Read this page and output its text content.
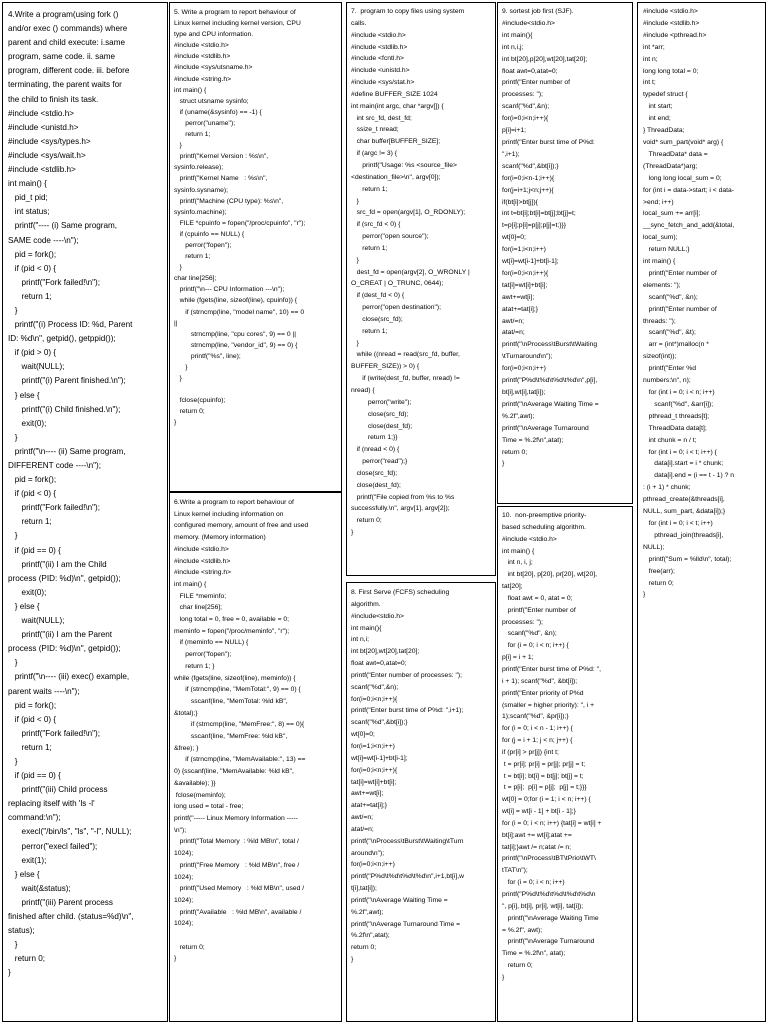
4.Write a program(using fork ()
and/or exec () commands) where
parent and child execute: i.same
program, same code. ii. same
program, different code. iii. before
terminating, the parent waits for
the child to finish its task.
#include <stdio.h>
#include <unistd.h>
#include <sys/types.h>
#include <sys/wait.h>
#include <stdlib.h>
int main() {
pid_t pid;
int status;
printf("---- (i) Same program,
SAME code ----\n");
pid = fork();
if (pid < 0) {
printf("Fork failed!\n");
return 1;
}
printf("(i) Process ID: %d, Parent
ID: %d\n", getpid(), getppid());
if (pid > 0) {
wait(NULL);
printf("(i) Parent finished.\n");
} else {
printf("(i) Child finished.\n");
exit(0);
}
printf("\n---- (ii) Same program,
DIFFERENT code ----\n");
pid = fork();
if (pid < 0) {
printf("Fork failed!\n");
return 1;
}
if (pid == 0) {
printf("(ii) I am the Child
process (PID: %d)\n", getpid());
exit(0);
} else {
wait(NULL);
printf("(ii) I am the Parent
process (PID: %d)\n", getpid());
}
printf("\n---- (iii) exec() example,
parent waits ----\n");
pid = fork();
if (pid < 0) {
printf("Fork failed!\n");
return 1;
}
if (pid == 0) {
printf("(iii) Child process
replacing itself with 'ls -l'
command:\n");
execl("/bin/ls", "ls", "-l", NULL);
perror("execl failed");
exit(1);
} else {
wait(&status);
printf("(iii) Parent process
finished after child. (status=%d)\n",
status);
}
return 0;
}
5. Write a program to report behaviour of
Linux kernel including kernel version, CPU
type and CPU information.
#include <stdio.h>
#include <stdlib.h>
#include <sys/utsname.h>
#include <string.h>
int main() {
struct utsname sysinfo;
if (uname(&sysinfo) == -1) {
perror("uname");
return 1;
}
printf("Kernel Version : %s\n",
sysinfo.release);
printf("Kernel Name   : %s\n",
sysinfo.sysname);
printf("Machine (CPU type): %s\n",
sysinfo.machine);
FILE *cpuinfo = fopen("/proc/cpuinfo", "r");
if (cpuinfo == NULL) {
perror("fopen");
return 1;
}
char line[256];
printf("\n--- CPU Information ---\n");
while (fgets(line, sizeof(line), cpuinfo)) {
if (strncmp(line, "model name", 10) == 0
||
strncmp(line, "cpu cores", 9) == 0 ||
strncmp(line, "vendor_id", 9) == 0) {
printf("%s", line);
}
}

fclose(cpuinfo);
return 0;
}
6.Write a program to report behaviour of
Linux kernel including information on
configured memory, amount of free and used
memory. (Memory information)
#include <stdio.h>
#include <stdlib.h>
#include <string.h>
int main() {
FILE *meminfo;
char line[256];
long total = 0, free = 0, available = 0;
meminfo = fopen("/proc/meminfo", "r");
if (meminfo == NULL) {
perror("fopen");
return 1; }
while (fgets(line, sizeof(line), meminfo)) {
if (strncmp(line, "MemTotal:", 9) == 0) {
sscanf(line, "MemTotal: %ld kB",
&total);}
if (strncmp(line, "MemFree:", 8) == 0){
sscanf(line, "MemFree: %ld kB",
&free); }
if (strncmp(line, "MemAvailable:", 13) ==
0) {sscanf(line, "MemAvailable: %ld kB",
&available); }}
fclose(meminfo);
long used = total - free;
printf("----- Linux Memory Information -----
\n");
printf("Total Memory  : %ld MB\n", total /
1024);
printf("Free Memory   : %ld MB\n", free /
1024);
printf("Used Memory   : %ld MB\n", used /
1024);
printf("Available   : %ld MB\n", available /
1024);

return 0;
}
7.  program to copy files using system
calls.
#include <stdio.h>
#include <stdlib.h>
#include <fcntl.h>
#include <unistd.h>
#include <sys/stat.h>
#define BUFFER_SIZE 1024
int main(int argc, char *argv[]) {
int src_fd, dest_fd;
ssize_t nread;
char buffer[BUFFER_SIZE];
if (argc != 3) {
printf("Usage: %s <source_file>
<destination_file>\n", argv[0]);
return 1;
}
src_fd = open(argv[1], O_RDONLY);
if (src_fd < 0) {
perror("open source");
return 1;
}
dest_fd = open(argv[2], O_WRONLY |
O_CREAT | O_TRUNC, 0644);
if (dest_fd < 0) {
perror("open destination");
close(src_fd);
return 1;
}
while ((nread = read(src_fd, buffer,
BUFFER_SIZE)) > 0) {
if (write(dest_fd, buffer, nread) !=
nread) {
perror("write");
close(src_fd);
close(dest_fd);
return 1;}}
if (nread < 0) {
perror("read");}
close(src_fd);
close(dest_fd);
printf("File copied from %s to %s
successfully.\n", argv[1], argv[2]);
return 0;
}
8. First Serve (FCFS) scheduling
algorithm.
#include<stdio.h>
int main(){
int n,i;
int bt[20],wt[20],tat[20];
float awt=0,atat=0;
printf("Enter number of processes: ");
scanf("%d",&n);
for(i=0;i<n;i++){
printf("Enter burst time of P%d: ",i+1);
scanf("%d",&bt[i]);}
wt[0]=0;
for(i=1;i<n;i++)
wt[i]=wt[i-1]+bt[i-1];
for(i=0;i<n;i++){
tat[i]=wt[i]+bt[i];
awt+=wt[i];
atat+=tat[i];}
awt/=n;
atat/=n;
printf("\nProcess\tBurst\tWaiting\tTurn
around\n");
for(i=0;i<n;i++)
printf("P%d\t%d\t%d\t%d\n",i+1,bt[i],w
t[i],tat[i]);
printf("\nAverage Waiting Time =
%.2f",awt);
printf("\nAverage Turnaround Time =
%.2f\n",atat);
return 0;
}
9. sortest job first (SJF).
#include<stdio.h>
int main(){
int n,i,j;
int bt[20],p[20],wt[20],tat[20];
float awt=0,atat=0;
printf("Enter number of
processes: ");
scanf("%d",&n);
for(i=0;i<n;i++){
p[i]=i+1;
printf("Enter burst time of P%d:
",i+1);
scanf("%d",&bt[i]);}
for(i=0;i<n-1;i++){
for(j=i+1;j<n;j++){
if(bt[i]>bt[j]){
int t=bt[i];bt[i]=bt[j];bt[j]=t;
t=p[i];p[i]=p[j];p[j]=t;}}}
wt[0]=0;
for(i=1;i<n;i++)
wt[i]=wt[i-1]+bt[i-1];
for(i=0;i<n;i++){
tat[i]=wt[i]+bt[i];
awt+=wt[i];
atat+=tat[i];}
awt/=n;
atat/=n;
printf("\nProcess\tBurst\tWaiting
\tTurnaround\n");
for(i=0;i<n;i++)
printf("P%d\t%d\t%d\t%d\n",p[i],
bt[i],wt[i],tat[i]);
printf("\nAverage Waiting Time =
%.2f",awt);
printf("\nAverage Turnaround
Time = %.2f\n",atat);
return 0;
}
10.  non-preemptive priority-
based scheduling algorithm.
#include <stdio.h>
int main() {
int n, i, j;
int bt[20], p[20], pr[20], wt[20],
tat[20];
float awt = 0, atat = 0;
printf("Enter number of
processes: ");
scanf("%d", &n);
for (i = 0; i < n; i++) {
p[i] = i + 1;
printf("Enter burst time of P%d: ",
i + 1); scanf("%d", &bt[i]);
printf("Enter priority of P%d
(smaller = higher priority): ", i +
1);scanf("%d", &pr[i]);}
for (i = 0; i < n - 1; i++) {
for (j = i + 1; j < n; j++) {
if (pr[i] > pr[j]) {int t;
t = pr[i]; pr[i] = pr[j]; pr[j] = t;
t = bt[i]; bt[i] = bt[j]; bt[j] = t;
t = p[i];  p[i] = p[j];  p[j] = t;}}}
wt[0] = 0;for (i = 1; i < n; i++) {
wt[i] = wt[i - 1] + bt[i - 1];}
for (i = 0; i < n; i++) {tat[i] = wt[i] +
bt[i];awt += wt[i];atat +=
tat[i];}awt /= n;atat /= n;
printf("\nProcess\tBT\tPrio\tWT\
tTAT\n");
for (i = 0; i < n; i++)
printf("P%d\t%d\t%d\t%d\t%d\n
", p[i], bt[i], pr[i], wt[i], tat[i]);
printf("\nAverage Waiting Time
= %.2f", awt);
printf("\nAverage Turnaround
Time = %.2f\n", atat);
return 0;
}
#include <stdio.h>
#include <stdlib.h>
#include <pthread.h>
int *arr;
int n;
long long total = 0;
int t;
typedef struct {
int start;
int end;
} ThreadData;
void* sum_part(void* arg) {
ThreadData* data =
(ThreadData*)arg;
long long local_sum = 0;
for (int i = data->start; i < data-
>end; i++)
local_sum += arr[i];
__sync_fetch_and_add(&total,
local_sum);
return NULL;}
int main() {
printf("Enter number of
elements: ");
scanf("%d", &n);
printf("Enter number of
threads: ");
scanf("%d", &t);
arr = (int*)malloc(n *
sizeof(int));
printf("Enter %d
numbers:\n", n);
for (int i = 0; i < n; i++)
scanf("%d", &arr[i]);
pthread_t threads[t];
ThreadData data[t];
int chunk = n / t;
for (int i = 0; i < t; i++) {
data[i].start = i * chunk;
data[i].end = (i == t - 1) ? n
: (i + 1) * chunk;
pthread_create(&threads[i],
NULL, sum_part, &data[i]);}
for (int i = 0; i < t; i++)
pthread_join(threads[i],
NULL);
printf("Sum = %lld\n", total);
free(arr);
return 0;
}
